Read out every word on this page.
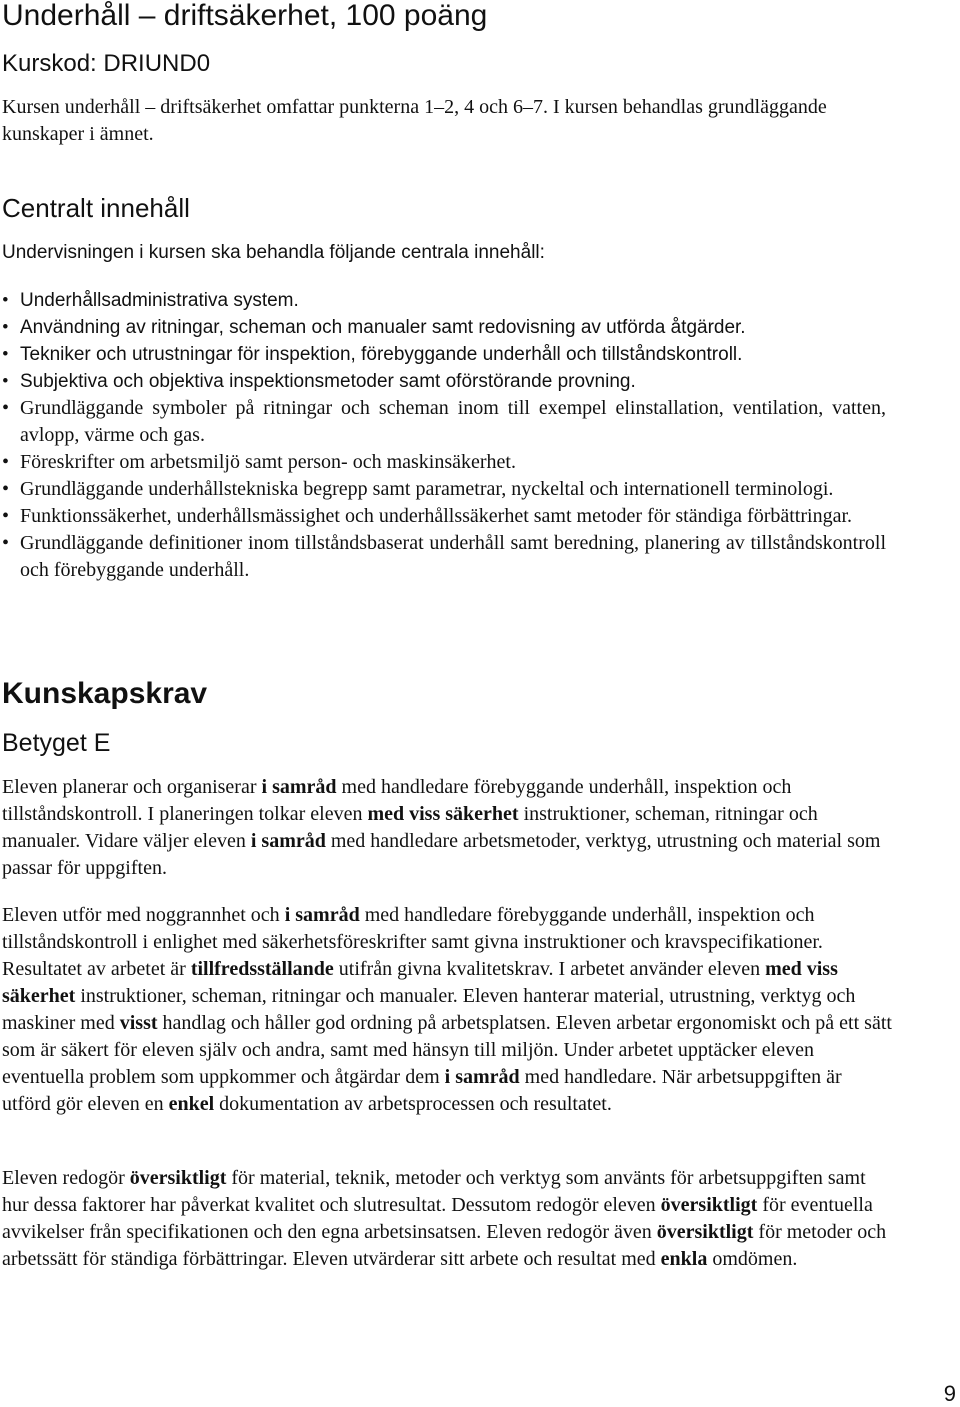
Underhåll – driftsäkerhet, 100 poäng
Kurskod: DRIUND0

Kursen underhåll – driftsäkerhet omfattar punkterna 1–2, 4 och 6–7. I kursen behandlas grundläggande kunskaper i ämnet.

Centralt innehåll
Undervisningen i kursen ska behandla följande centrala innehåll:
• Underhållsadministrativa system.
• Användning av ritningar, scheman och manualer samt redovisning av utförda åtgärder.
• Tekniker och utrustningar för inspektion, förebyggande underhåll och tillståndskontroll.
• Subjektiva och objektiva inspektionsmetoder samt oförstörande provning.
• Grundläggande symboler på ritningar och scheman inom till exempel elinstallation, ventilation, vatten, avlopp, värme och gas.
• Föreskrifter om arbetsmiljö samt person- och maskinsäkerhet.
• Grundläggande underhållstekniska begrepp samt parametrar, nyckeltal och internationell terminologi.
• Funktionssäkerhet, underhållsmässighet och underhållssäkerhet samt metoder för ständiga förbättringar.
• Grundläggande definitioner inom tillståndsbaserat underhåll samt beredning, planering av tillståndskontroll och förebyggande underhåll.
Kunskapskrav
Betyget E

Eleven planerar och organiserar i samråd med handledare förebyggande underhåll, inspektion och tillståndskontroll. I planeringen tolkar eleven med viss säkerhet instruktioner, scheman, ritningar och manualer. Vidare väljer eleven i samråd med handledare arbetsmetoder, verktyg, utrustning och material som passar för uppgiften.

Eleven utför med noggrannhet och i samråd med handledare förebyggande underhåll, inspektion och tillståndskontroll i enlighet med säkerhetsföreskrifter samt givna instruktioner och kravspecifikationer. Resultatet av arbetet är tillfredsställande utifrån givna kvalitetskrav. I arbetet använder eleven med viss säkerhet instruktioner, scheman, ritningar och manualer. Eleven hanterar material, utrustning, verktyg och maskiner med visst handlag och håller god ordning på arbetsplatsen. Eleven arbetar ergonomiskt och på ett sätt som är säkert för eleven själv och andra, samt med hänsyn till miljön. Under arbetet upptäcker eleven eventuella problem som uppkommer och åtgärdar dem i samråd med handledare. När arbetsuppgiften är utförd gör eleven en enkel dokumentation av arbetsprocessen och resultatet.

Eleven redogör översiktligt för material, teknik, metoder och verktyg som använts för arbetsuppgiften samt hur dessa faktorer har påverkat kvalitet och slutresultat. Dessutom redogör eleven översiktligt för eventuella avvikelser från specifikationen och den egna arbetsinsatsen. Eleven redogör även översiktligt för metoder och arbetssätt för ständiga förbättringar. Eleven utvärderar sitt arbete och resultat med enkla omdömen.

9
